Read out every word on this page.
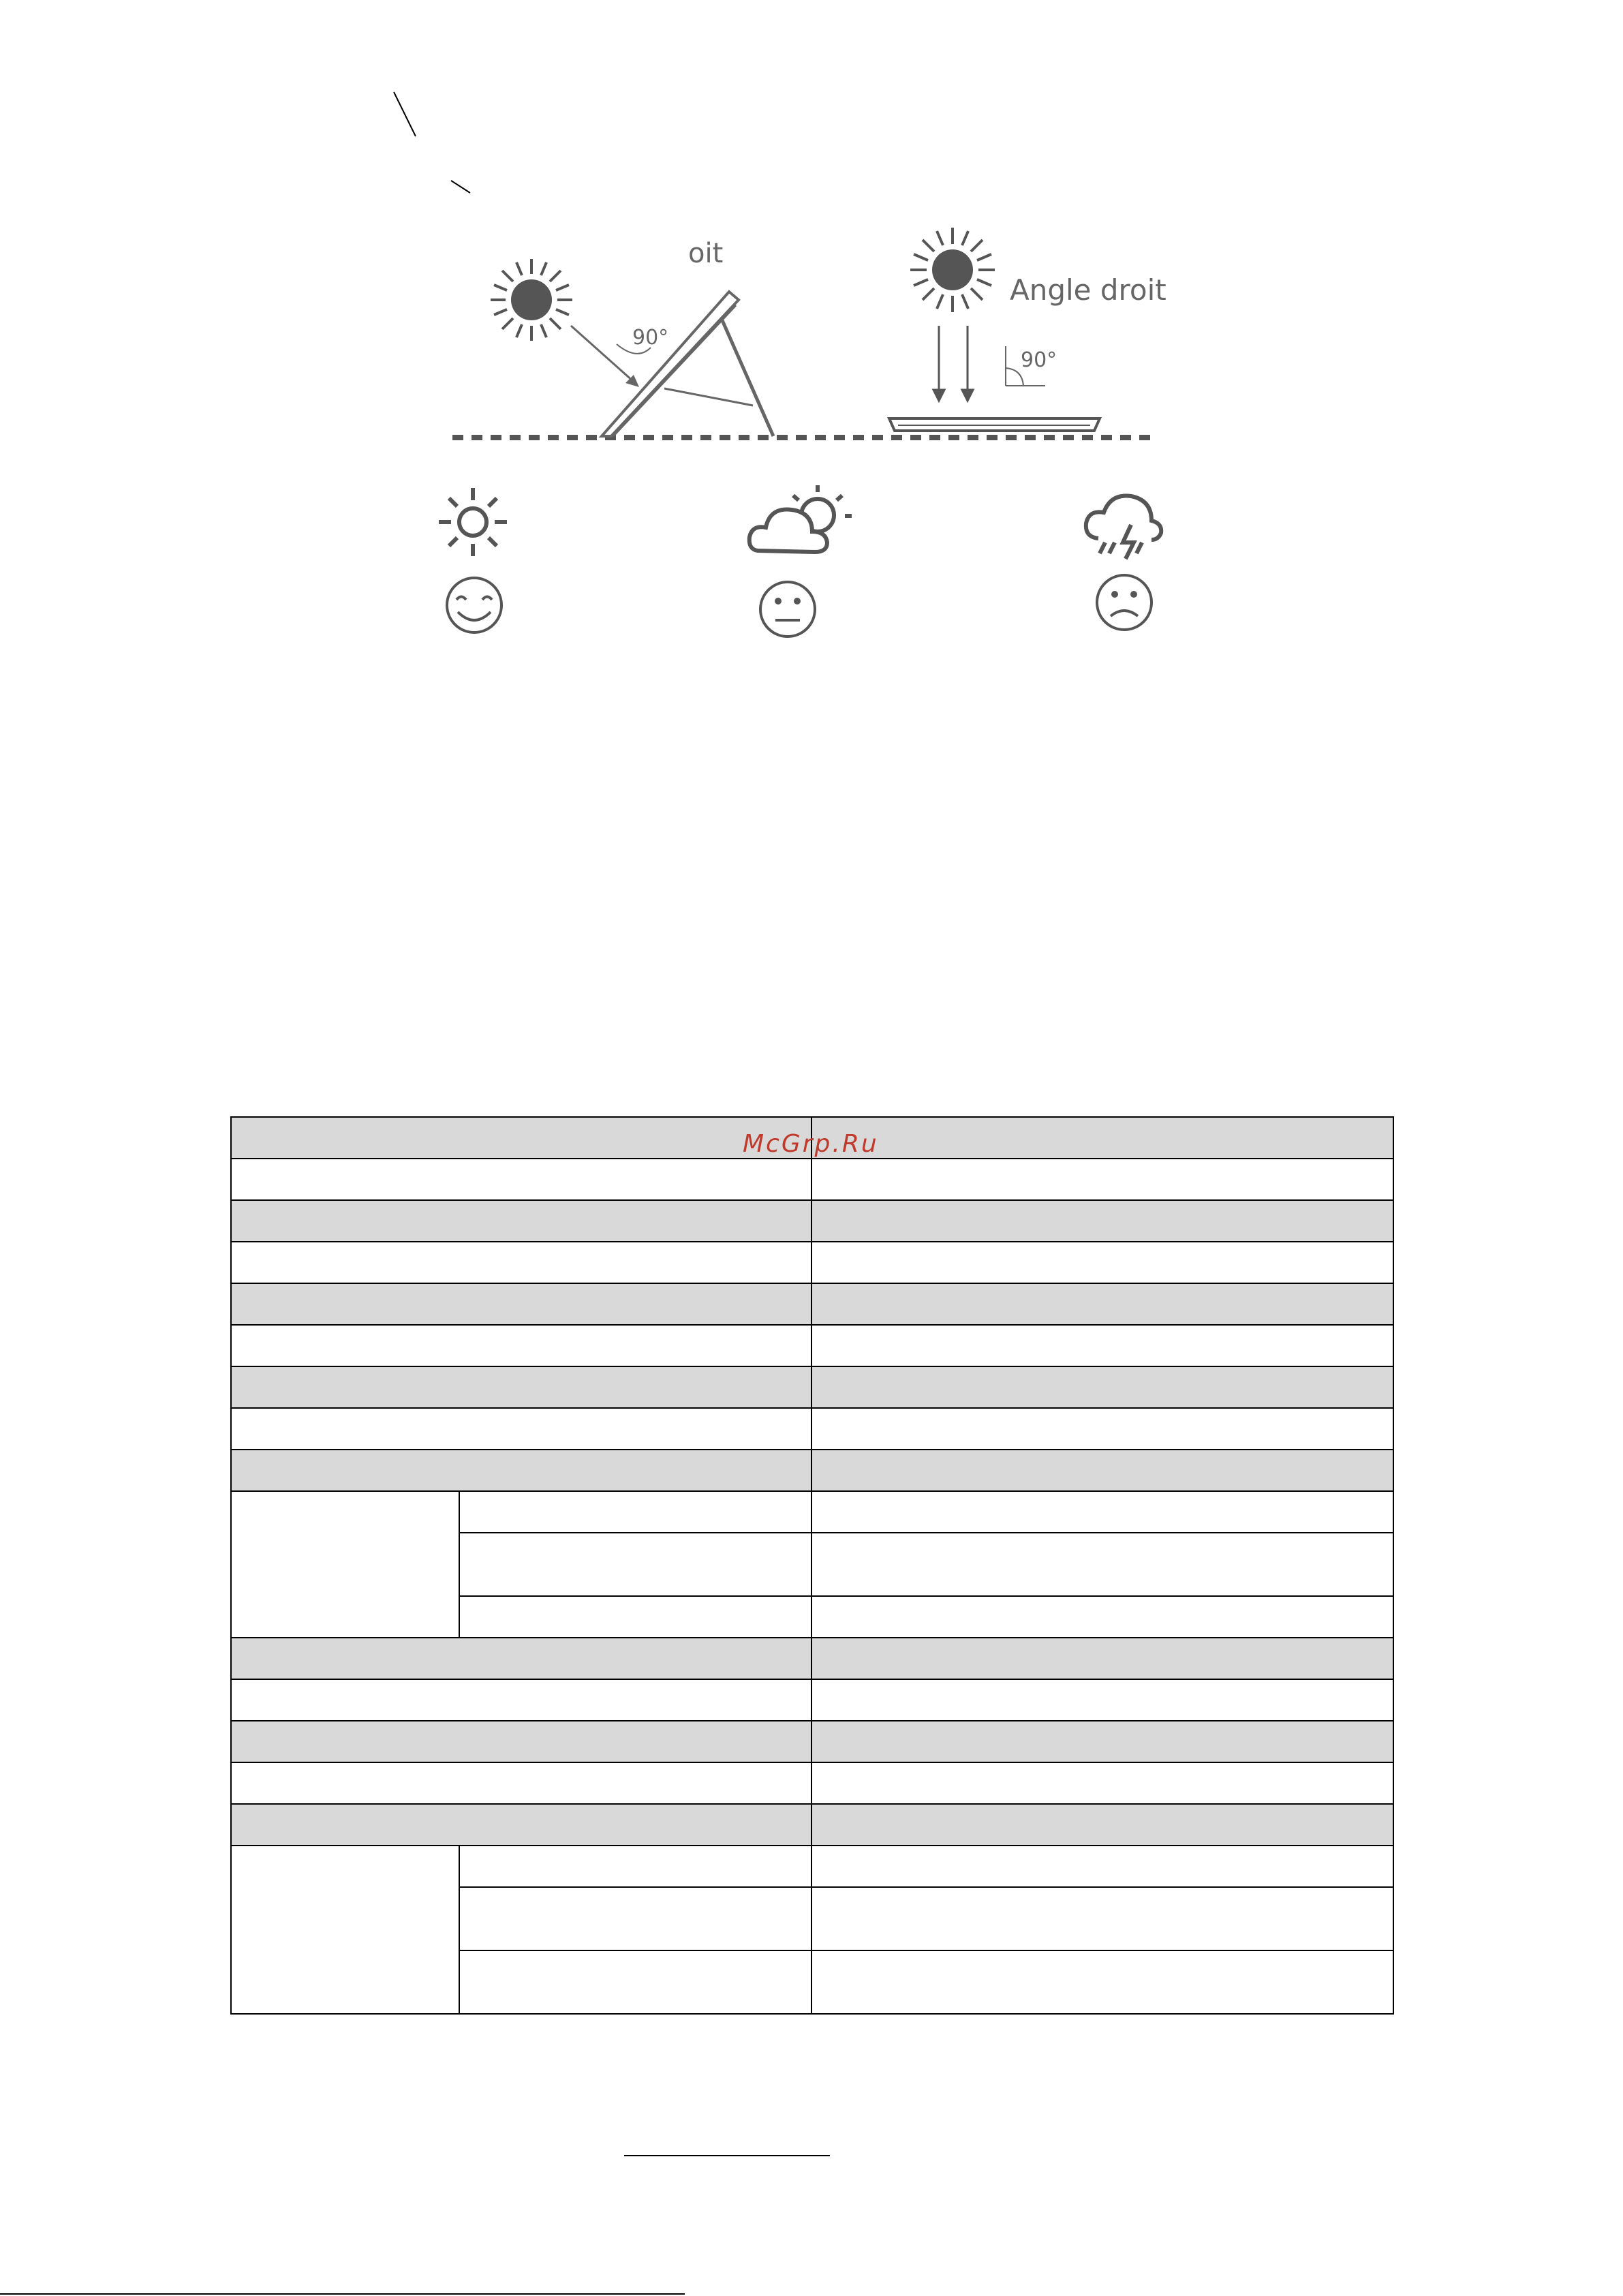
90°
oit
Angle droit
90°

McGrp.Ru
